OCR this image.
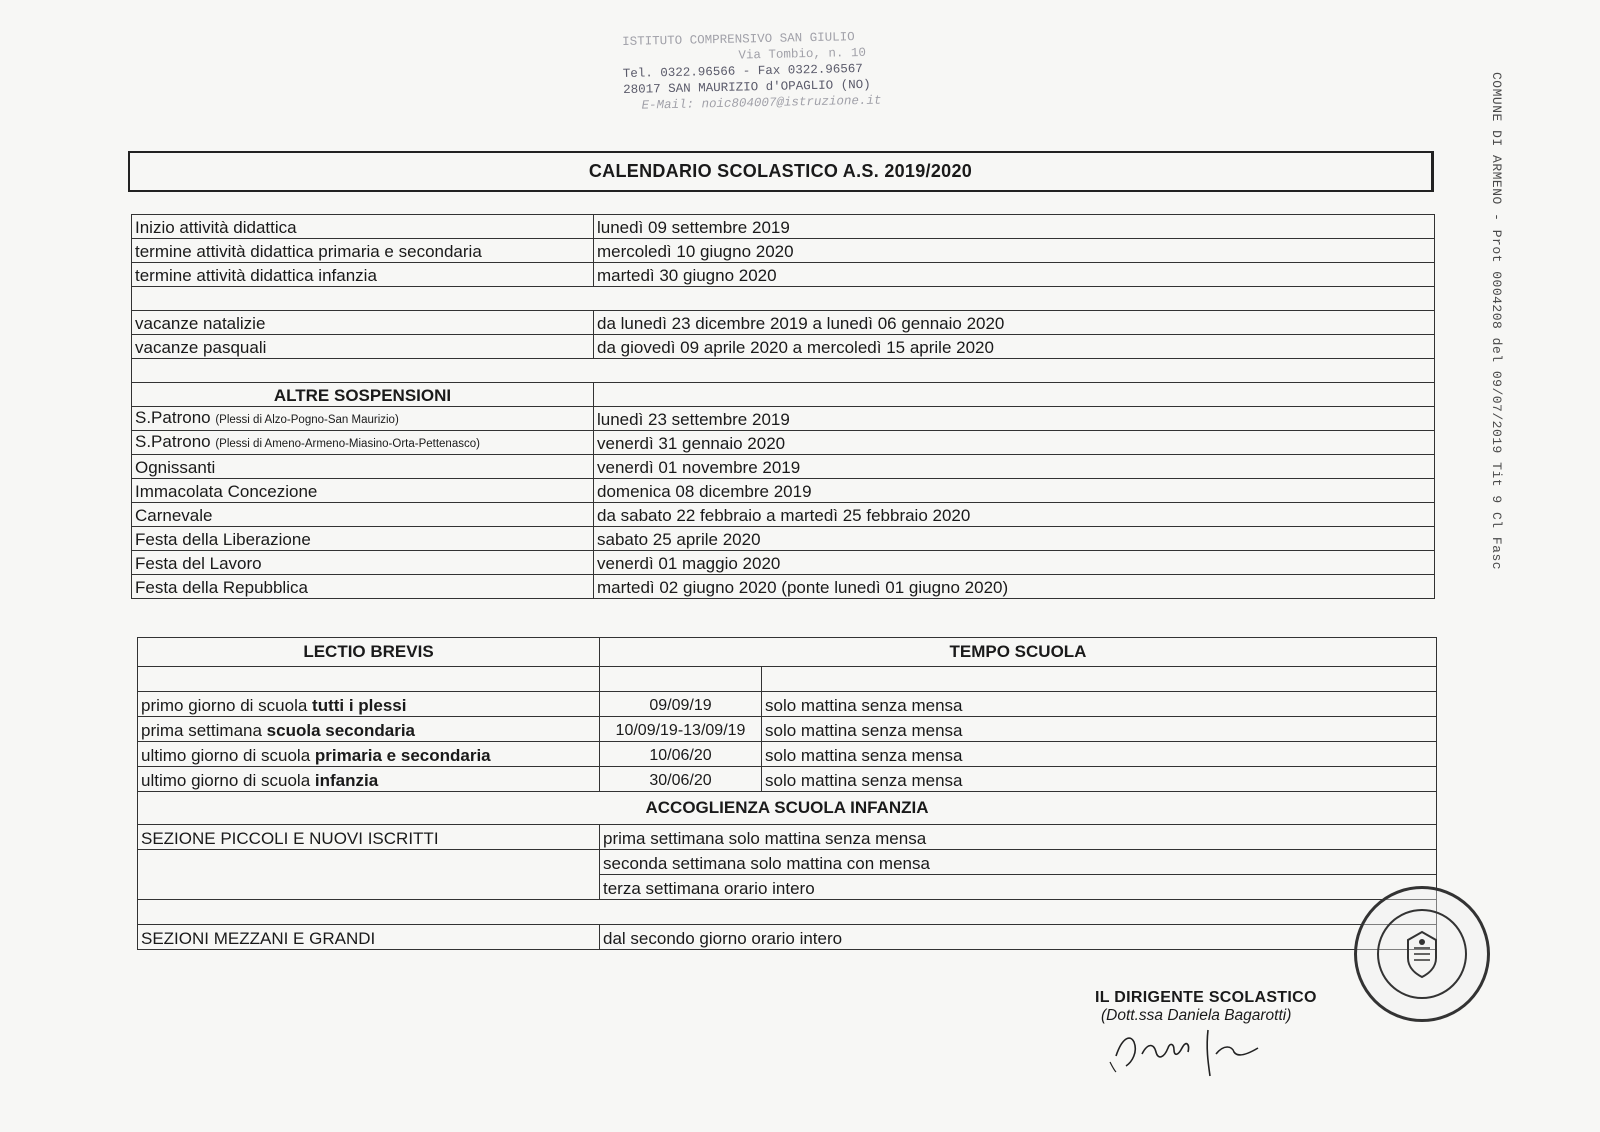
ISTITUTO COMPRENSIVO SAN GIULIO
Via Tombio, n. 10
Tel. 0322.96566 - Fax 0322.96567
28017 SAN MAURIZIO d'OPAGLIO (NO)
E-Mail: noic804007@istruzione.it	COMUNE DI ARMENO - Prot 0004208 del 09/07/2019 Tit 9 Cl Fasc
CALENDARIO SCOLASTICO A.S. 2019/2020
Inizio attività didattica	lunedì 09 settembre 2019
termine attività didattica primaria e secondaria	mercoledì 10 giugno 2020
termine attività didattica infanzia	martedì 30 giugno 2020

vacanze natalizie	da lunedì 23 dicembre 2019 a lunedì 06 gennaio 2020
vacanze pasquali	da giovedì 09 aprile 2020 a mercoledì 15 aprile 2020

ALTRE SOSPENSIONI	
S.Patrono (Plessi di Alzo-Pogno-San Maurizio)	lunedì 23 settembre 2019
S.Patrono (Plessi di Ameno-Armeno-Miasino-Orta-Pettenasco)	venerdì 31 gennaio 2020
Ognissanti	venerdì 01 novembre 2019
Immacolata Concezione	domenica 08 dicembre 2019
Carnevale	da sabato 22 febbraio a martedì 25 febbraio 2020
Festa della Liberazione	sabato 25 aprile 2020
Festa del Lavoro	venerdì 01 maggio 2020
Festa della Repubblica	martedì 02 giugno 2020 (ponte lunedì 01 giugno 2020)
LECTIO BREVIS	TEMPO SCUOLA	

primo giorno di scuola tutti i plessi	09/09/19	solo mattina senza mensa
prima settimana scuola secondaria	10/09/19-13/09/19	solo mattina senza mensa
ultimo giorno di scuola primaria e secondaria	10/06/20	solo mattina senza mensa
ultimo giorno di scuola infanzia	30/06/20	solo mattina senza mensa
ACCOGLIENZA SCUOLA INFANZIA		
SEZIONE PICCOLI E NUOVI ISCRITTI	prima settimana solo mattina senza mensa	
	seconda settimana solo mattina con mensa	
	terza settimana orario intero	

SEZIONI MEZZANI E GRANDI	dal secondo giorno orario intero	
IL DIRIGENTE SCOLASTICO
(Dott.ssa Daniela Bagarotti)
